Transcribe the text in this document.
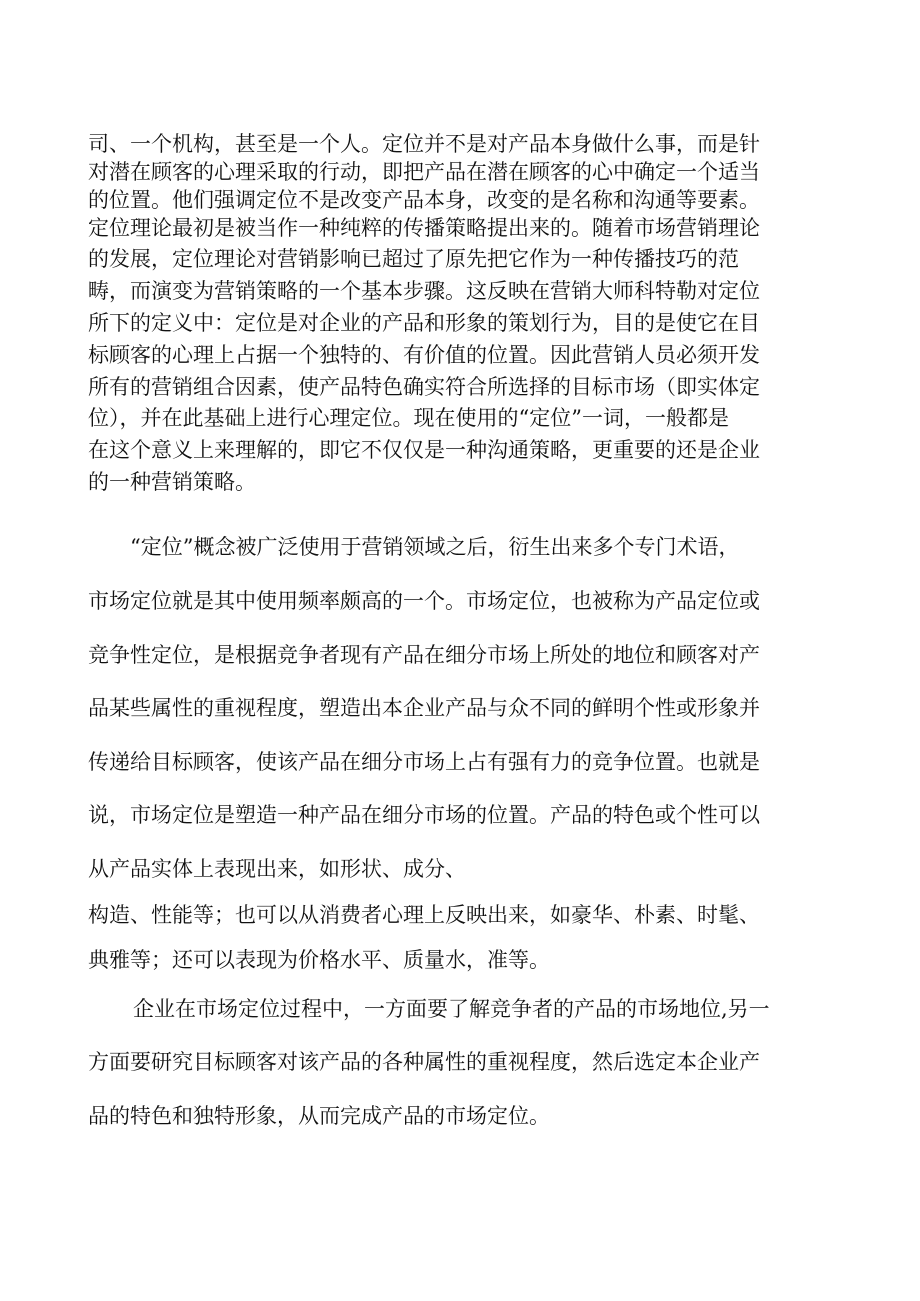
司、一个机构，甚至是一个人。定位并不是对产品本身做什么事，而是针
对潜在顾客的心理采取的行动，即把产品在潜在顾客的心中确定一个适当
的位置。他们强调定位不是改变产品本身，改变的是名称和沟通等要素。
定位理论最初是被当作一种纯粹的传播策略提出来的。随着市场营销理论
的发展，定位理论对营销影响已超过了原先把它作为一种传播技巧的范
畴，而演变为营销策略的一个基本步骤。这反映在营销大师科特勒对定位
所下的定义中：定位是对企业的产品和形象的策划行为，目的是使它在目
标顾客的心理上占据一个独特的、有价值的位置。因此营销人员必须开发
所有的营销组合因素，使产品特色确实符合所选择的目标市场（即实体定
位），并在此基础上进行心理定位。现在使用的“定位”一词，一般都是
在这个意义上来理解的，即它不仅仅是一种沟通策略，更重要的还是企业
的一种营销策略。
“定位”概念被广泛使用于营销领域之后，衍生出来多个专门术语，
市场定位就是其中使用频率颇高的一个。市场定位，也被称为产品定位或
竞争性定位，是根据竞争者现有产品在细分市场上所处的地位和顾客对产
品某些属性的重视程度，塑造出本企业产品与众不同的鲜明个性或形象并
传递给目标顾客，使该产品在细分市场上占有强有力的竞争位置。也就是
说，市场定位是塑造一种产品在细分市场的位置。产品的特色或个性可以
从产品实体上表现出来，如形状、成分、
构造、性能等；也可以从消费者心理上反映出来，如豪华、朴素、时髦、
典雅等；还可以表现为价格水平、质量水，准等。
企业在市场定位过程中，一方面要了解竞争者的产品的市场地位,另一
方面要研究目标顾客对该产品的各种属性的重视程度，然后选定本企业产
品的特色和独特形象，从而完成产品的市场定位。
